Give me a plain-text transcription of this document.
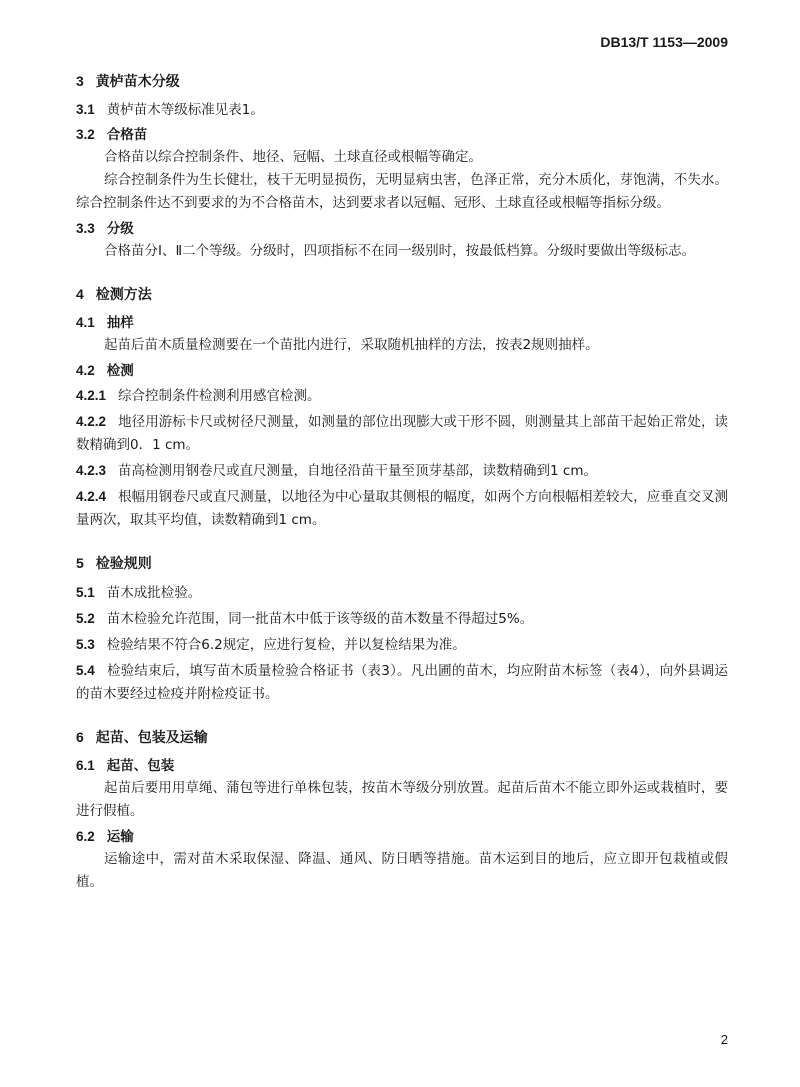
DB13/T 1153—2009
3 黄栌苗木分级
3.1 黄栌苗木等级标准见表1。
3.2 合格苗

合格苗以综合控制条件、地径、冠幅、土球直径或根幅等确定。

综合控制条件为生长健壮，枝干无明显损伤，无明显病虫害，色泽正常，充分木质化，芽饱满，不失水。综合控制条件达不到要求的为不合格苗木，达到要求者以冠幅、冠形、土球直径或根幅等指标分级。

3.3 分级

合格苗分Ⅰ、Ⅱ二个等级。分级时，四项指标不在同一级别时，按最低档算。分级时要做出等级标志。

4 检测方法
4.1 抽样

起苗后苗木质量检测要在一个苗批内进行，采取随机抽样的方法，按表2规则抽样。

4.2 检测

4.2.1 综合控制条件检测利用感官检测。

4.2.2 地径用游标卡尺或树径尺测量，如测量的部位出现膨大或干形不圆，则测量其上部苗干起始正常处，读数精确到0．1 cm。

4.2.3 苗高检测用钢卷尺或直尺测量，自地径沿苗干量至顶芽基部，读数精确到1 cm。

4.2.4 根幅用钢卷尺或直尺测量，以地径为中心量取其侧根的幅度，如两个方向根幅相差较大，应垂直交叉测量两次，取其平均值，读数精确到1 cm。

5 检验规则

5.1 苗木成批检验。

5.2 苗木检验允许范围，同一批苗木中低于该等级的苗木数量不得超过5%。

5.3 检验结果不符合6.2规定，应进行复检，并以复检结果为准。

5.4 检验结束后，填写苗木质量检验合格证书（表3）。凡出圃的苗木，均应附苗木标签（表4），向外县调运的苗木要经过检疫并附检疫证书。

6 起苗、包装及运输
6.1 起苗、包装

起苗后要用用草绳、蒲包等进行单株包装，按苗木等级分别放置。起苗后苗木不能立即外运或栽植时，要进行假植。

6.2 运输

运输途中，需对苗木采取保湿、降温、通风、防日晒等措施。苗木运到目的地后，应立即开包栽植或假植。

2
